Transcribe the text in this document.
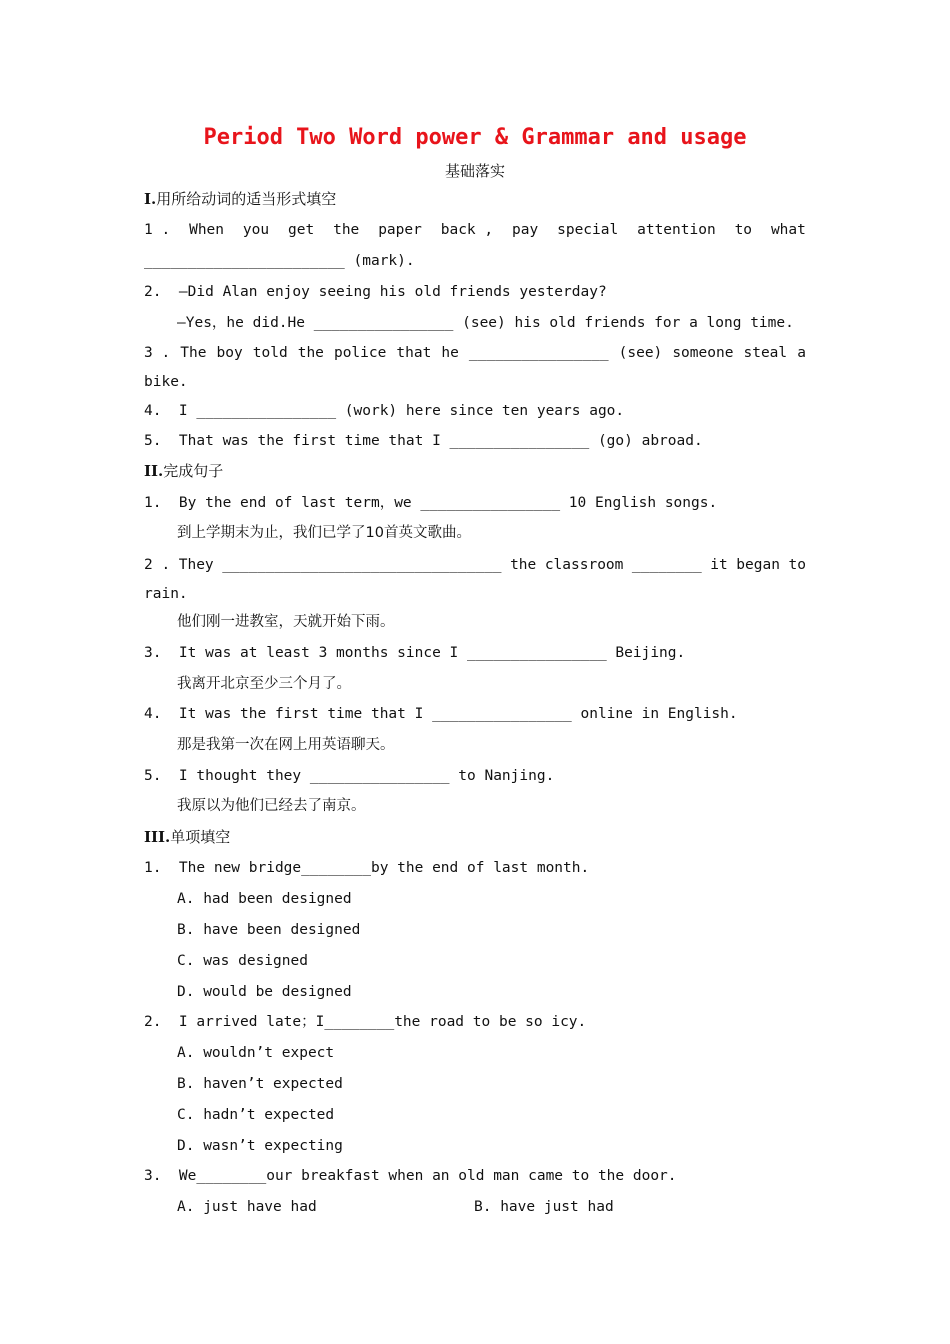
Period Two Word power & Grammar and usage
基础落实
I.用所给动词的适当形式填空
1 . When you get the paper back , pay special attention to what
_______________________ (mark).
2.  —Did Alan enjoy seeing his old friends yesterday?
—Yes，he did.He ________________ (see) his old friends for a long time.
3 . The boy told the police that he ________________ (see) someone steal a
bike.
4.  I ________________ (work) here since ten years ago.
5.  That was the first time that I ________________ (go) abroad.
II.完成句子
1.  By the end of last term，we ________________ 10 English songs.
到上学期末为止，我们已学了10首英文歌曲。
2 . They ________________________________ the classroom ________ it began to
rain.
他们刚一进教室，天就开始下雨。
3.  It was at least 3 months since I ________________ Beijing.
我离开北京至少三个月了。
4.  It was the first time that I ________________ online in English.
那是我第一次在网上用英语聊天。
5.  I thought they ________________ to Nanjing.
我原以为他们已经去了南京。
III.单项填空
1.  The new bridge________by the end of last month.
A. had been designed
B. have been designed
C. was designed
D. would be designed
2.  I arrived late；I________the road to be so icy.
A. wouldn’t expect
B. haven’t expected
C. hadn’t expected
D. wasn’t expecting
3.  We________our breakfast when an old man came to the door.
A. just have had	B. have just had
